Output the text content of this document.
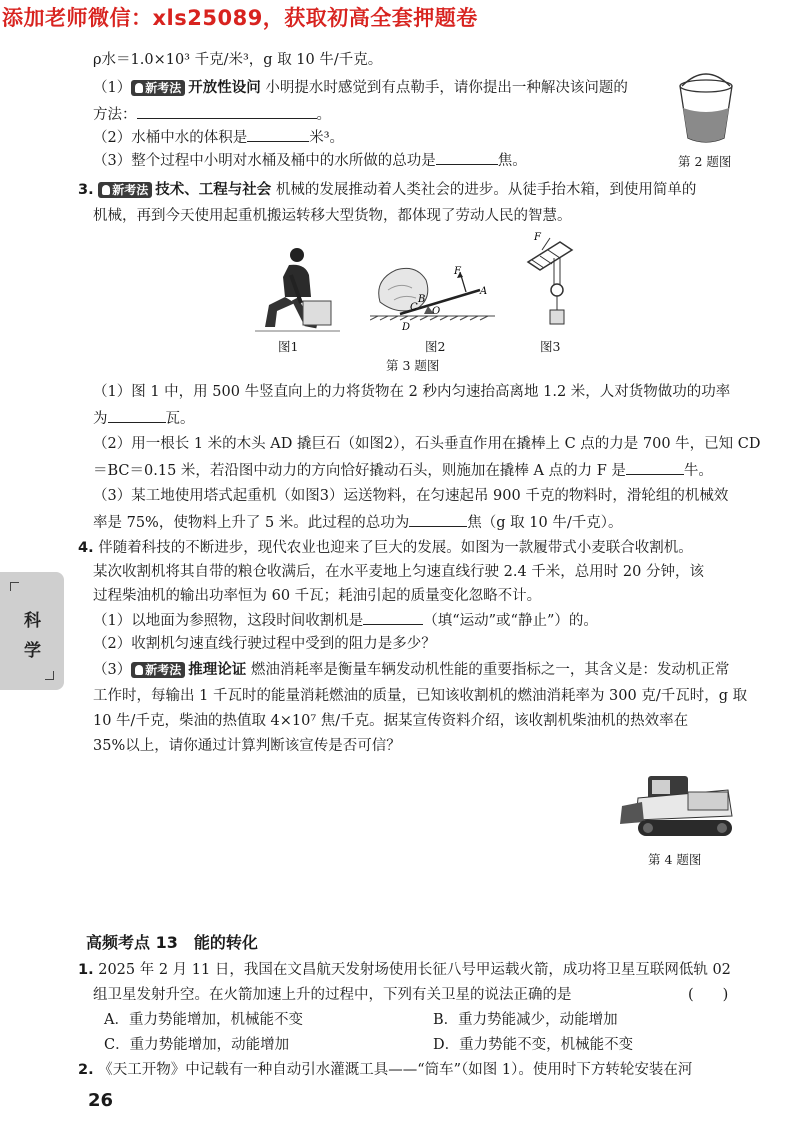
添加老师微信：xls25089，获取初高全套押题卷
ρ水＝1.0×10³ 千克/米³，g 取 10 牛/千克。
（1） 新考法 开放性设问 小明提水时感觉到有点勒手，请你提出一种解决该问题的
方法：	。
（2）水桶中水的体积是	米³。
（3）整个过程中小明对水桶及桶中的水所做的总功是	焦。	第 2 题图
3. 新考法 技术、工程与社会 机械的发展推动着人类社会的进步。从徒手抬木箱，到使用简单的
机械，再到今天使用起重机搬运转移大型货物，都体现了劳动人民的智慧。
图1
F
A
B
C O
D
图2
F
图3
第 3 题图
（1）图 1 中，用 500 牛竖直向上的力将货物在 2 秒内匀速抬高离地 1.2 米，人对货物做功的功率
为	瓦。
（2）用一根长 1 米的木头 AD 撬巨石（如图2），石头垂直作用在撬棒上 C 点的力是 700 牛，已知 CD
＝BC＝0.15 米，若沿图中动力的方向恰好撬动石头，则施加在撬棒 A 点的力 F 是	牛。
（3）某工地使用塔式起重机（如图3）运送物料，在匀速起吊 900 千克的物料时，滑轮组的机械效
率是 75%，使物料上升了 5 米。此过程的总功为	焦（g 取 10 牛/千克）。
4. 伴随着科技的不断进步，现代农业也迎来了巨大的发展。如图为一款履带式小麦联合收割机。
某次收割机将其自带的粮仓收满后，在水平麦地上匀速直线行驶 2.4 千米，总用时 20 分钟，该
过程柴油机的输出功率恒为 60 千瓦；耗油引起的质量变化忽略不计。
（1）以地面为参照物，这段时间收割机是	（填“运动”或“静止”）的。
（2）收割机匀速直线行驶过程中受到的阻力是多少？
（3） 新考法 推理论证 燃油消耗率是衡量车辆发动机性能的重要指标之一，其含义是：发动机正常
工作时，每输出 1 千瓦时的能量消耗燃油的质量，已知该收割机的燃油消耗率为 300 克/千瓦时，g 取
10 牛/千克，柴油的热值取 4×10⁷ 焦/千克。据某宣传资料介绍，该收割机柴油机的热效率在
35%以上，请你通过计算判断该宣传是否可信？
科
学
第 4 题图
高频考点 13　能的转化
1. 2025 年 2 月 11 日，我国在文昌航天发射场使用长征八号甲运载火箭，成功将卫星互联网低轨 02
组卫星发射升空。在火箭加速上升的过程中，下列有关卫星的说法正确的是	(　　)
A．重力势能增加，机械能不变	B．重力势能减少，动能增加
C．重力势能增加，动能增加	D．重力势能不变，机械能不变
2. 《天工开物》中记载有一种自动引水灌溉工具——“筒车”（如图 1）。使用时下方转轮安装在河
26
